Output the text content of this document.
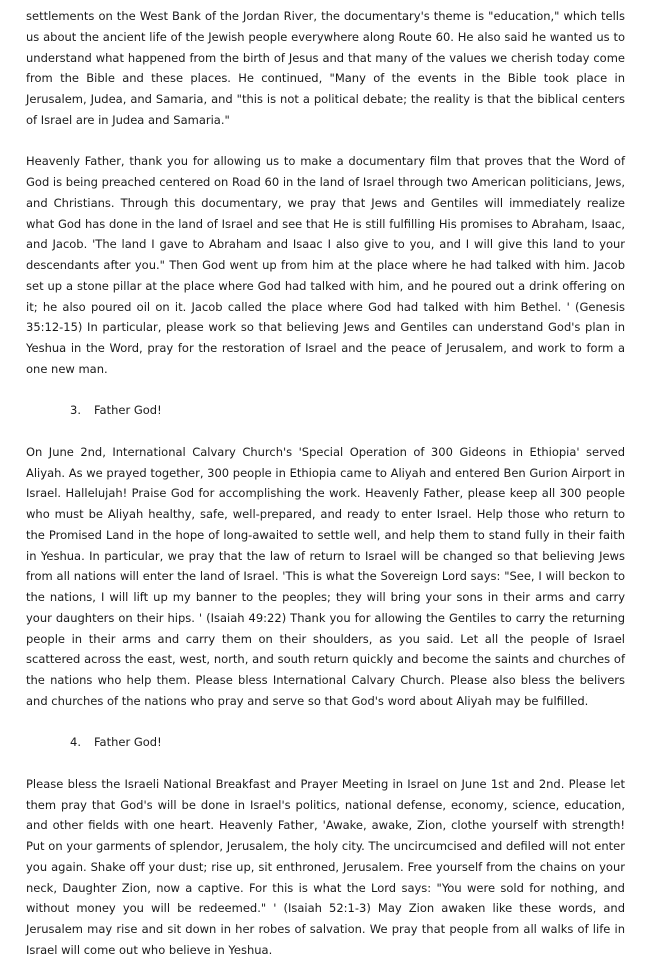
settlements on the West Bank of the Jordan River, the documentary's theme is "education," which tells us about the ancient life of the Jewish people everywhere along Route 60. He also said he wanted us to understand what happened from the birth of Jesus and that many of the values we cherish today come from the Bible and these places. He continued, "Many of the events in the Bible took place in Jerusalem, Judea, and Samaria, and "this is not a political debate; the reality is that the biblical centers of Israel are in Judea and Samaria."

Heavenly Father, thank you for allowing us to make a documentary film that proves that the Word of God is being preached centered on Road 60 in the land of Israel through two American politicians, Jews, and Christians. Through this documentary, we pray that Jews and Gentiles will immediately realize what God has done in the land of Israel and see that He is still fulfilling His promises to Abraham, Isaac, and Jacob. 'The land I gave to Abraham and Isaac I also give to you, and I will give this land to your descendants after you." Then God went up from him at the place where he had talked with him. Jacob set up a stone pillar at the place where God had talked with him, and he poured out a drink offering on it; he also poured oil on it. Jacob called the place where God had talked with him Bethel. ' (Genesis 35:12-15) In particular, please work so that believing Jews and Gentiles can understand God's plan in Yeshua in the Word, pray for the restoration of Israel and the peace of Jerusalem, and work to form a one new man.

3.	Father God!

On June 2nd, International Calvary Church's 'Special Operation of 300 Gideons in Ethiopia' served Aliyah. As we prayed together, 300 people in Ethiopia came to Aliyah and entered Ben Gurion Airport in Israel. Hallelujah! Praise God for accomplishing the work. Heavenly Father, please keep all 300 people who must be Aliyah healthy, safe, well-prepared, and ready to enter Israel. Help those who return to the Promised Land in the hope of long-awaited to settle well, and help them to stand fully in their faith in Yeshua. In particular, we pray that the law of return to Israel will be changed so that believing Jews from all nations will enter the land of Israel. 'This is what the Sovereign Lord says: "See, I will beckon to the nations, I will lift up my banner to the peoples; they will bring your sons in their arms and carry your daughters on their hips. ' (Isaiah 49:22) Thank you for allowing the Gentiles to carry the returning people in their arms and carry them on their shoulders, as you said. Let all the people of Israel scattered across the east, west, north, and south return quickly and become the saints and churches of the nations who help them. Please bless International Calvary Church. Please also bless the belivers and churches of the nations who pray and serve so that God's word about Aliyah may be fulfilled.

4.	Father God!

Please bless the Israeli National Breakfast and Prayer Meeting in Israel on June 1st and 2nd. Please let them pray that God's will be done in Israel's politics, national defense, economy, science, education, and other fields with one heart. Heavenly Father, 'Awake, awake, Zion, clothe yourself with strength! Put on your garments of splendor, Jerusalem, the holy city. The uncircumcised and defiled will not enter you again. Shake off your dust; rise up, sit enthroned, Jerusalem. Free yourself from the chains on your neck, Daughter Zion, now a captive. For this is what the Lord says: "You were sold for nothing, and without money you will be redeemed." ' (Isaiah 52:1-3) May Zion awaken like these words, and Jerusalem may rise and sit down in her robes of salvation. We pray that people from all walks of life in Israel will come out who believe in Yeshua.
